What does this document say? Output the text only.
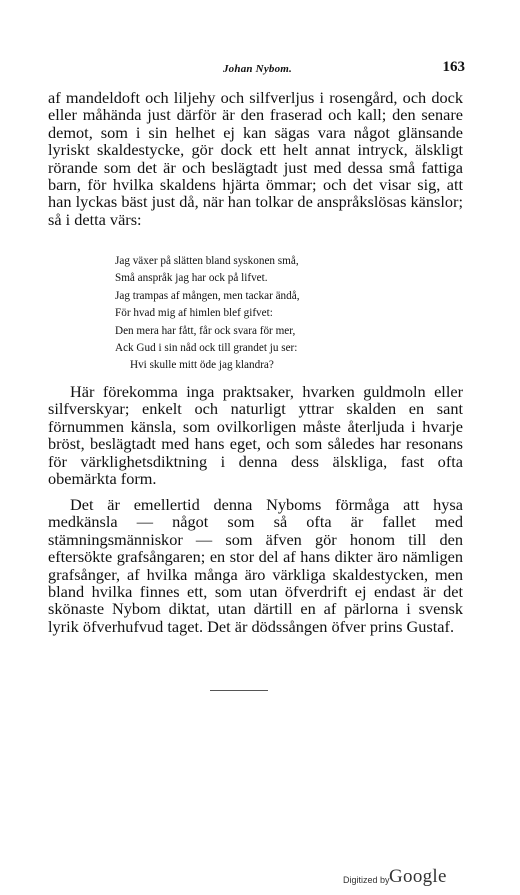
Johan Nybom.	163

af mandeldoft och liljehy och silfverljus i rosengård, och dock eller måhända just därför är den fraserad och kall; den senare demot, som i sin helhet ej kan sägas vara något glänsande lyriskt skaldestycke, gör dock ett helt annat intryck, älskligt rörande som det är och beslägtadt just med dessa små fattiga barn, för hvilka skaldens hjärta ömmar; och det visar sig, att han lyckas bäst just då, när han tolkar de anspråkslösas känslor; så i detta värs:

Jag växer på slätten bland syskonen små,
Små anspråk jag har ock på lifvet.
Jag trampas af mången, men tackar ändå,
För hvad mig af himlen blef gifvet:
Den mera har fått, får ock svara för mer,
Ack Gud i sin nåd ock till grandet ju ser:
Hvi skulle mitt öde jag klandra?

Här förekomma inga praktsaker, hvarken guldmoln eller silfverskyar; enkelt och naturligt yttrar skalden en sant förnummen känsla, som ovilkorligen måste återljuda i hvarje bröst, beslägtadt med hans eget, och som således har resonans för värklighetsdiktning i denna dess älskliga, fast ofta obemärkta form.

Det är emellertid denna Nyboms förmåga att hysa medkänsla — något som så ofta är fallet med stämningsmänniskor — som äfven gör honom till den eftersökte grafsångaren; en stor del af hans dikter äro nämligen grafsånger, af hvilka många äro värkliga skaldestycken, men bland hvilka finnes ett, som utan öfverdrift ej endast är det skönaste Nybom diktat, utan därtill en af pärlorna i svensk lyrik öfverhufvud taget. Det är dödssången öfver prins Gustaf.

Digitized by Google
